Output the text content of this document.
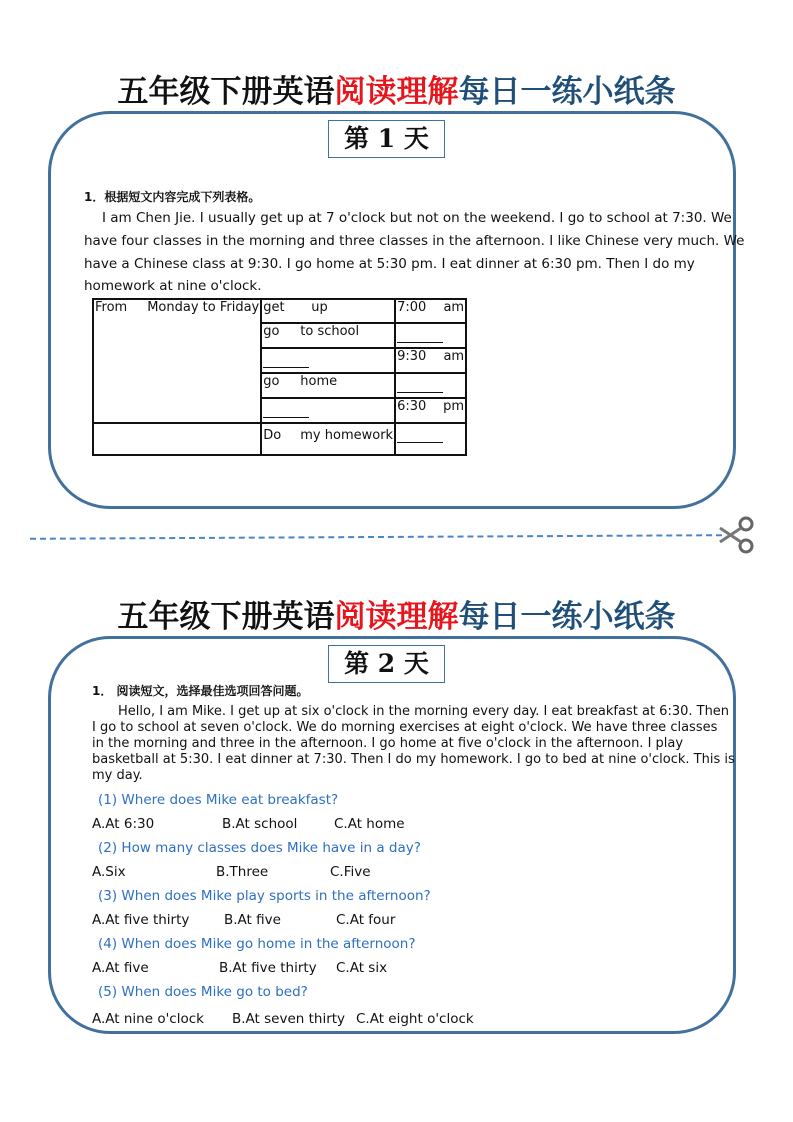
五年级下册英语阅读理解每日一练小纸条
第 1 天
1．根据短文内容完成下列表格。
I am Chen Jie. I usually get up at 7 o'clock but not on the weekend. I go to school at 7:30. We
have four classes in the morning and three classes in the afternoon. I like Chinese very much. We
have a Chinese class at 9:30. I go home at 5:30 pm. I eat dinner at 6:30 pm. Then I do my
homework at nine o'clock.
From Monday to Friday	get up	7:00 am

	go to school	
		9:30 am

	go home	
		6:30 pm

	Do my homework	
五年级下册英语阅读理解每日一练小纸条
第 2 天
1． 阅读短文，选择最佳选项回答问题。
Hello, I am Mike. I get up at six o'clock in the morning every day. I eat breakfast at 6:30. Then
I go to school at seven o'clock. We do morning exercises at eight o'clock. We have three classes
in the morning and three in the afternoon. I go home at five o'clock in the afternoon. I play
basketball at 5:30. I eat dinner at 7:30. Then I do my homework. I go to bed at nine o'clock. This is
my day.
(1) Where does Mike eat breakfast?
A.At 6:30	B.At school	C.At home
(2) How many classes does Mike have in a day?
A.Six	B.Three	C.Five
(3) When does Mike play sports in the afternoon?
A.At five thirty	B.At five	C.At four
(4) When does Mike go home in the afternoon?
A.At five	B.At five thirty C.At six
(5) When does Mike go to bed?
A.At nine o'clock B.At seven thirty C.At eight o'clock
